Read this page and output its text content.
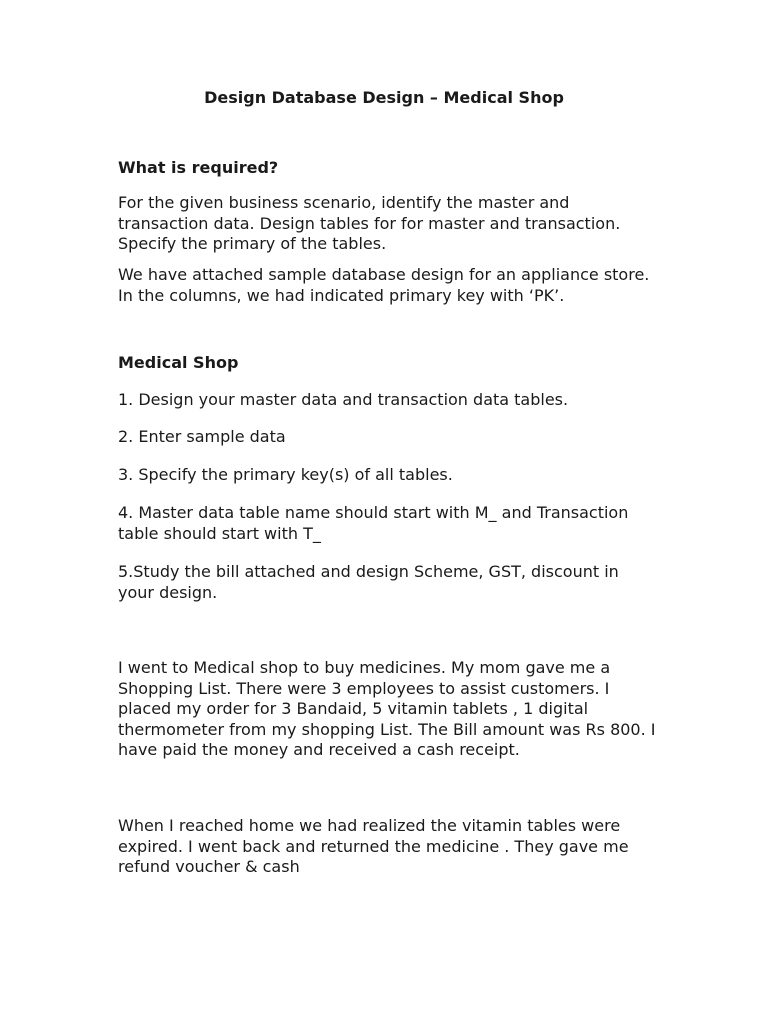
Design Database Design – Medical Shop
What is required?

For the given business scenario, identify the master and transaction data. Design tables for for master and transaction. Specify the primary of the tables.

We have attached sample database design for an appliance store. In the columns, we had indicated primary key with ‘PK’.

Medical Shop

1. Design your master data and transaction data tables.

2. Enter sample data

3. Specify the primary key(s) of all tables.

4. Master data table name should start with M_ and Transaction table should start with T_

5.Study the bill attached and design Scheme, GST, discount in your design.

I went to Medical shop to buy medicines. My mom gave me a Shopping List. There were 3 employees to assist customers. I placed my order for 3 Bandaid, 5 vitamin tablets , 1 digital thermometer from my shopping List. The Bill amount was Rs 800. I have paid the money and received a cash receipt.

When I reached home we had realized the vitamin tables were expired. I went back and returned the medicine . They gave me refund voucher & cash
